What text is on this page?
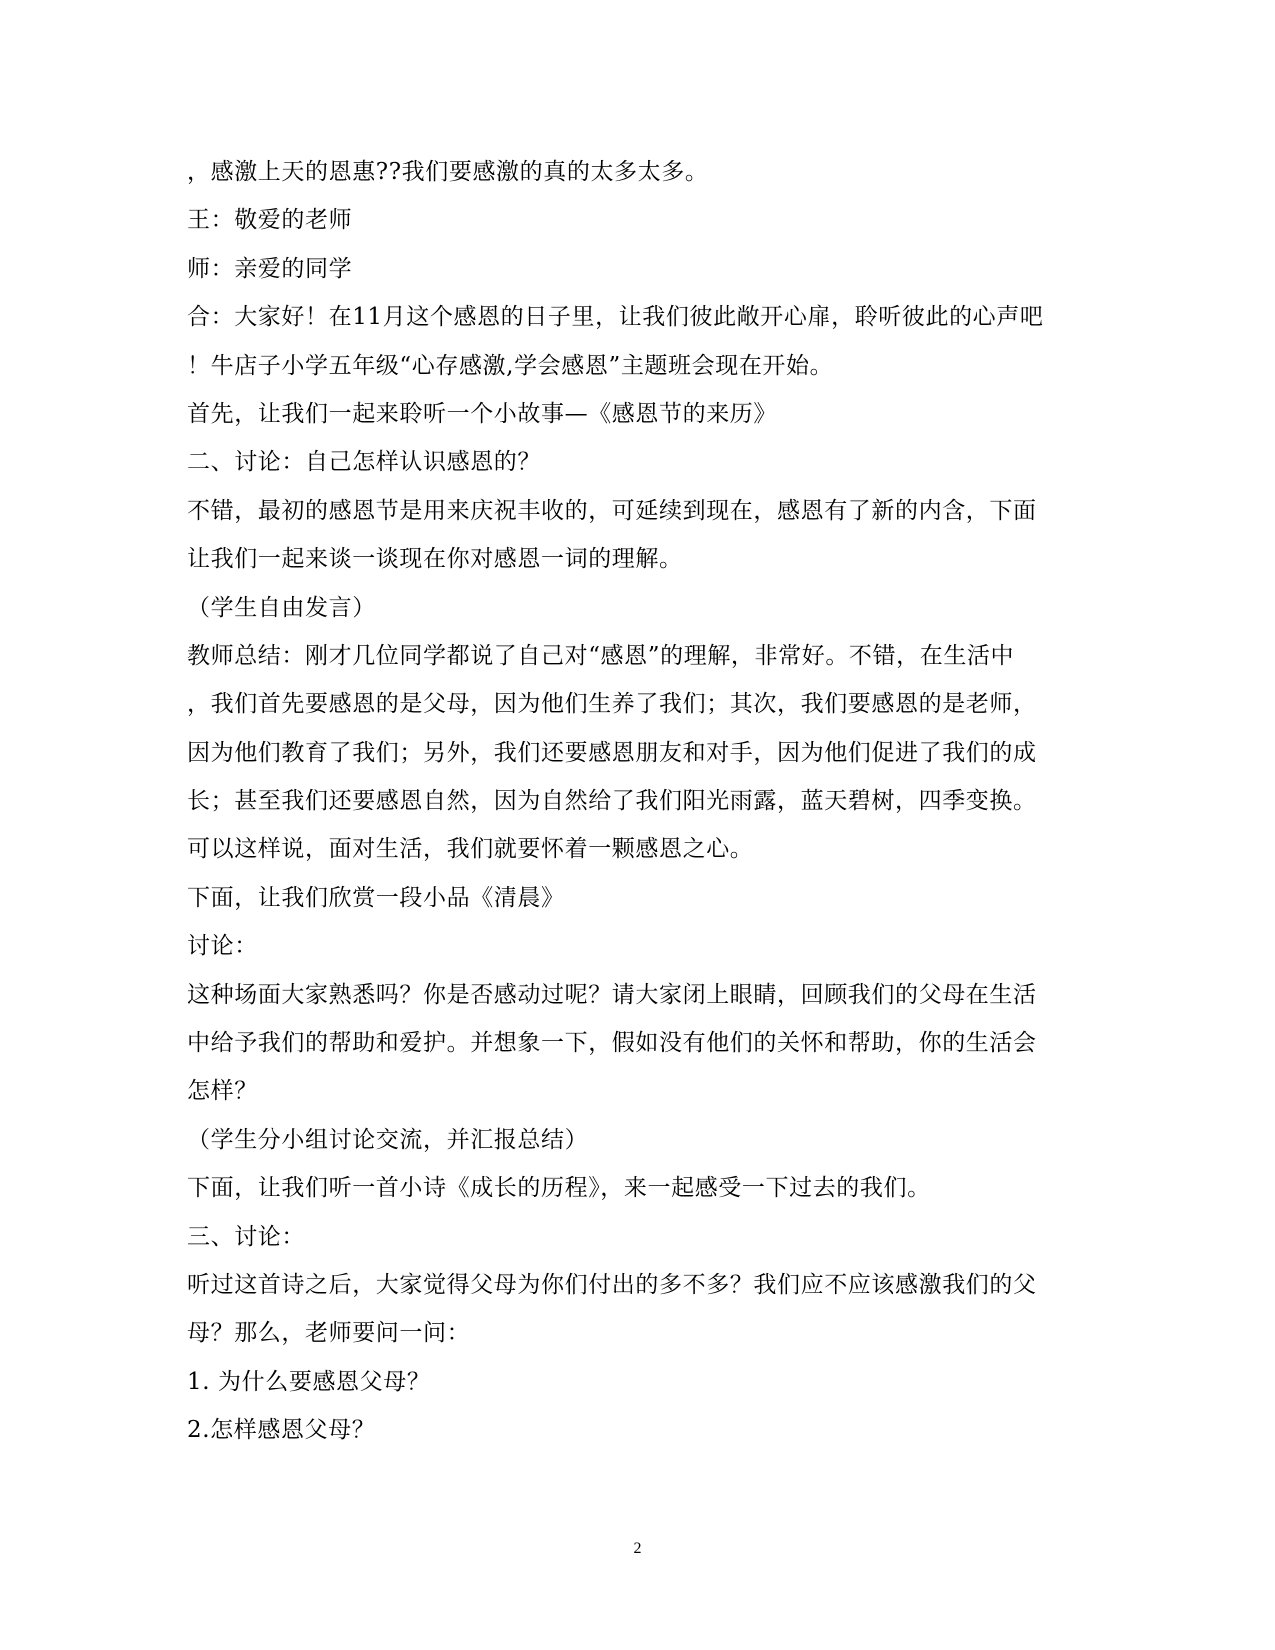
，感激上天的恩惠??我们要感激的真的太多太多。
王：敬爱的老师
师：亲爱的同学
合：大家好！在11月这个感恩的日子里，让我们彼此敞开心扉，聆听彼此的心声吧
！牛店子小学五年级“心存感激,学会感恩”主题班会现在开始。
首先，让我们一起来聆听一个小故事—《感恩节的来历》
二、讨论：自己怎样认识感恩的？
不错，最初的感恩节是用来庆祝丰收的，可延续到现在，感恩有了新的内含，下面
让我们一起来谈一谈现在你对感恩一词的理解。
（学生自由发言）
教师总结：刚才几位同学都说了自己对“感恩”的理解，非常好。不错，在生活中
，我们首先要感恩的是父母，因为他们生养了我们；其次，我们要感恩的是老师，
因为他们教育了我们；另外，我们还要感恩朋友和对手，因为他们促进了我们的成
长；甚至我们还要感恩自然，因为自然给了我们阳光雨露，蓝天碧树，四季变换。
可以这样说，面对生活，我们就要怀着一颗感恩之心。
下面，让我们欣赏一段小品《清晨》
讨论：
这种场面大家熟悉吗？你是否感动过呢？请大家闭上眼睛，回顾我们的父母在生活
中给予我们的帮助和爱护。并想象一下，假如没有他们的关怀和帮助，你的生活会
怎样？
（学生分小组讨论交流，并汇报总结）
下面，让我们听一首小诗《成长的历程》，来一起感受一下过去的我们。
三、讨论：
听过这首诗之后，大家觉得父母为你们付出的多不多？我们应不应该感激我们的父
母？那么，老师要问一问：
1. 为什么要感恩父母？
2.怎样感恩父母？
2
